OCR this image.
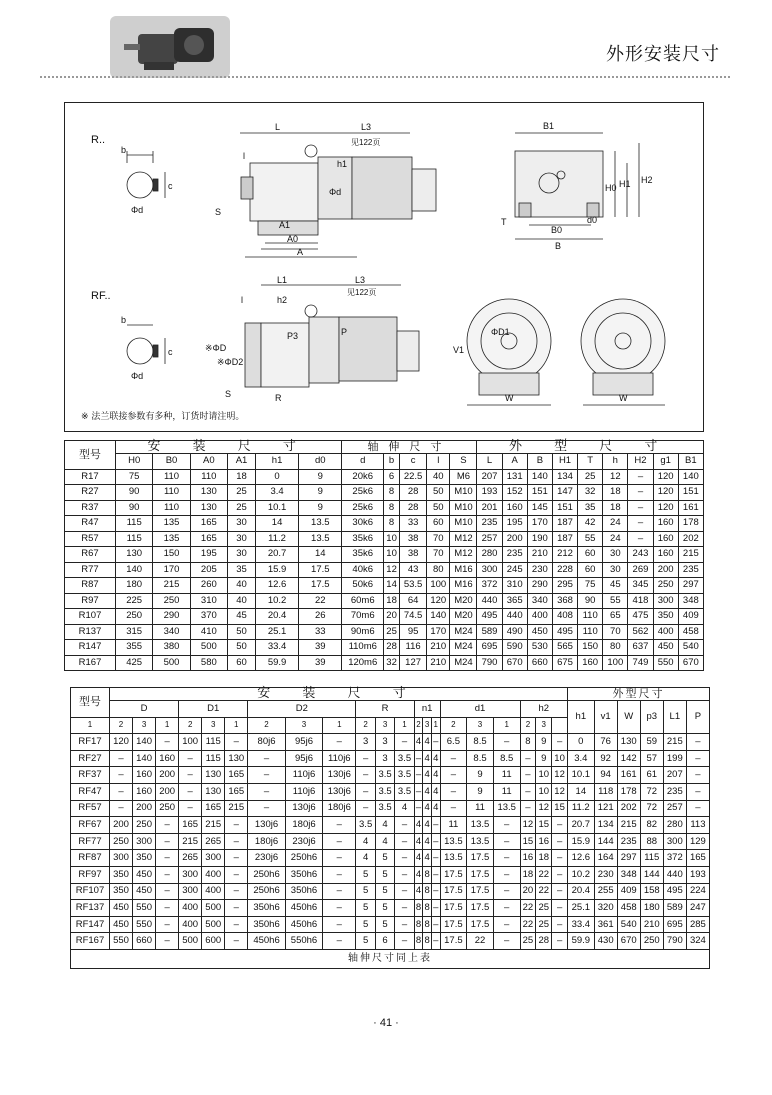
外形安装尺寸
R..
RF..
b
c
Φd
L	L3
见122页
l
h1
Φd
A1
A0
A
S
B1
H0 H1 H2
d0
T
B0
B
b
c
Φd
L1	L3
见122页
h2
l
※ΦD
※ΦD2
P3	P
R
S
ΦD1
V1
W	W
※ 法兰联接参数有多种，订货时请注明。
型号	安 装 尺 寸						轴伸尺寸					外 型 尺 寸								
	H0	B0	A0	A1	h1	d0	d	b	c	l	S	L	A	B	H1	T	h	H2	g1	B1
R17	75	110	110	18	0	9	20k6	6	22.5	40	M6	207	131	140	134	25	12	–	120	140
R27	90	110	130	25	3.4	9	25k6	8	28	50	M10	193	152	151	147	32	18	–	120	151
R37	90	110	130	25	10.1	9	25k6	8	28	50	M10	201	160	145	151	35	18	–	120	161
R47	115	135	165	30	14	13.5	30k6	8	33	60	M10	235	195	170	187	42	24	–	160	178
R57	115	135	165	30	11.2	13.5	35k6	10	38	70	M12	257	200	190	187	55	24	–	160	202
R67	130	150	195	30	20.7	14	35k6	10	38	70	M12	280	235	210	212	60	30	243	160	215
R77	140	170	205	35	15.9	17.5	40k6	12	43	80	M16	300	245	230	228	60	30	269	200	235
R87	180	215	260	40	12.6	17.5	50k6	14	53.5	100	M16	372	310	290	295	75	45	345	250	297
R97	225	250	310	40	10.2	22	60m6	18	64	120	M20	440	365	340	368	90	55	418	300	348
R107	250	290	370	45	20.4	26	70m6	20	74.5	140	M20	495	440	400	408	110	65	475	350	409
R137	315	340	410	50	25.1	33	90m6	25	95	170	M24	589	490	450	495	110	70	562	400	458
R147	355	380	500	50	33.4	39	110m6	28	116	210	M24	695	590	530	565	150	80	637	450	540
R167	425	500	580	60	59.9	39	120m6	32	127	210	M24	790	670	660	675	160	100	749	550	670
型号	安 装 尺 寸																					外型尺寸					
	D			D1			D2			R			n1			d1			h2			h1	v1	W	p3	L1	P
1	2	3	1	2	3	1	2	3	1	2	3	1	2	3	1	2	3	1	2	3							
RF17	120	140	–	100	115	–	80j6	95j6	–	3	3	–	4	4	–	6.5	8.5	–	8	9	–	0	76	130	59	215	–
RF27	–	140	160	–	115	130	–	95j6	110j6	–	3	3.5	–	4	4	–	8.5	8.5	–	9	10	3.4	92	142	57	199	–
RF37	–	160	200	–	130	165	–	110j6	130j6	–	3.5	3.5	–	4	4	–	9	11	–	10	12	10.1	94	161	61	207	–
RF47	–	160	200	–	130	165	–	110j6	130j6	–	3.5	3.5	–	4	4	–	9	11	–	10	12	14	118	178	72	235	–
RF57	–	200	250	–	165	215	–	130j6	180j6	–	3.5	4	–	4	4	–	11	13.5	–	12	15	11.2	121	202	72	257	–
RF67	200	250	–	165	215	–	130j6	180j6	–	3.5	4	–	4	4	–	11	13.5	–	12	15	–	20.7	134	215	82	280	113
RF77	250	300	–	215	265	–	180j6	230j6	–	4	4	–	4	4	–	13.5	13.5	–	15	16	–	15.9	144	235	88	300	129
RF87	300	350	–	265	300	–	230j6	250h6	–	4	5	–	4	4	–	13.5	17.5	–	16	18	–	12.6	164	297	115	372	165
RF97	350	450	–	300	400	–	250h6	350h6	–	5	5	–	4	8	–	17.5	17.5	–	18	22	–	10.2	230	348	144	440	193
RF107	350	450	–	300	400	–	250h6	350h6	–	5	5	–	4	8	–	17.5	17.5	–	20	22	–	20.4	255	409	158	495	224
RF137	450	550	–	400	500	–	350h6	450h6	–	5	5	–	8	8	–	17.5	17.5	–	22	25	–	25.1	320	458	180	589	247
RF147	450	550	–	400	500	–	350h6	450h6	–	5	5	–	8	8	–	17.5	17.5	–	22	25	–	33.4	361	540	210	695	285
RF167	550	660	–	500	600	–	450h6	550h6	–	5	6	–	8	8	–	17.5	22	–	25	28	–	59.9	430	670	250	790	324
轴伸尺寸同上表																											
· 41 ·
